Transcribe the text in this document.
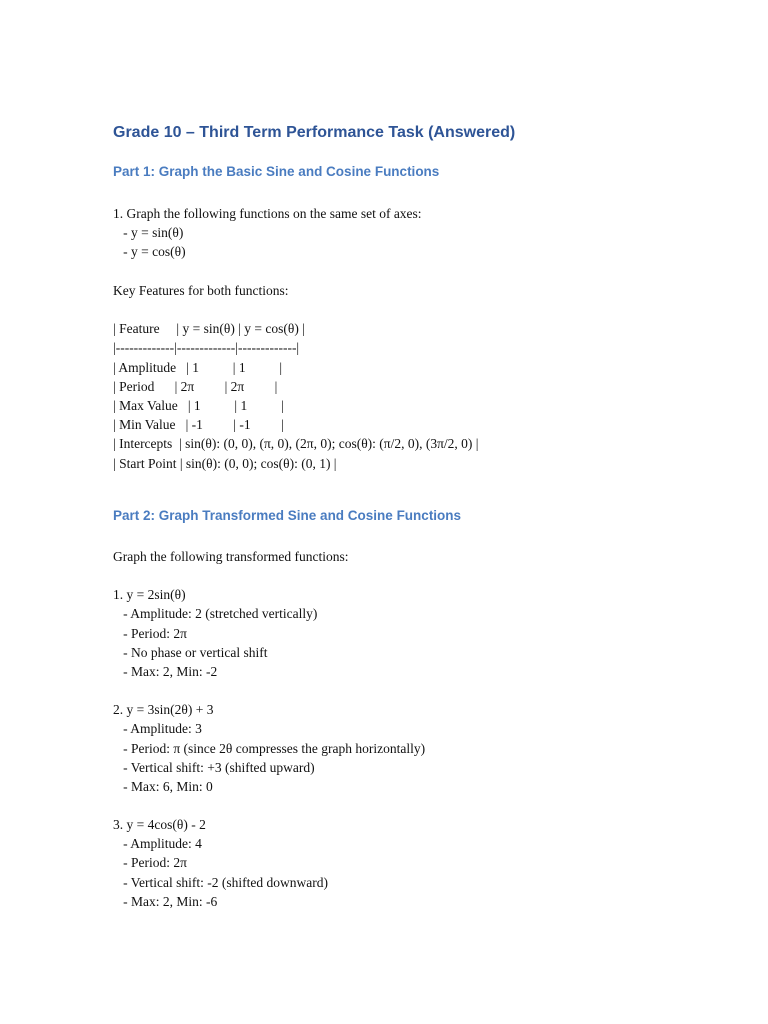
Grade 10 – Third Term Performance Task (Answered)
Part 1: Graph the Basic Sine and Cosine Functions

1. Graph the following functions on the same set of axes:

- y = sin(θ)

- y = cos(θ)

Key Features for both functions:

| Feature     | y = sin(θ) | y = cos(θ) |

|-------------|-------------|-------------|

| Amplitude   | 1          | 1          |

| Period      | 2π         | 2π         |

| Max Value   | 1          | 1          |

| Min Value   | -1         | -1         |

| Intercepts  | sin(θ): (0, 0), (π, 0), (2π, 0); cos(θ): (π/2, 0), (3π/2, 0) |

| Start Point | sin(θ): (0, 0); cos(θ): (0, 1) |

Part 2: Graph Transformed Sine and Cosine Functions

Graph the following transformed functions:

1. y = 2sin(θ)

- Amplitude: 2 (stretched vertically)

- Period: 2π

- No phase or vertical shift

- Max: 2, Min: -2

2. y = 3sin(2θ) + 3

- Amplitude: 3

- Period: π (since 2θ compresses the graph horizontally)

- Vertical shift: +3 (shifted upward)

- Max: 6, Min: 0

3. y = 4cos(θ) - 2

- Amplitude: 4

- Period: 2π

- Vertical shift: -2 (shifted downward)

- Max: 2, Min: -6
